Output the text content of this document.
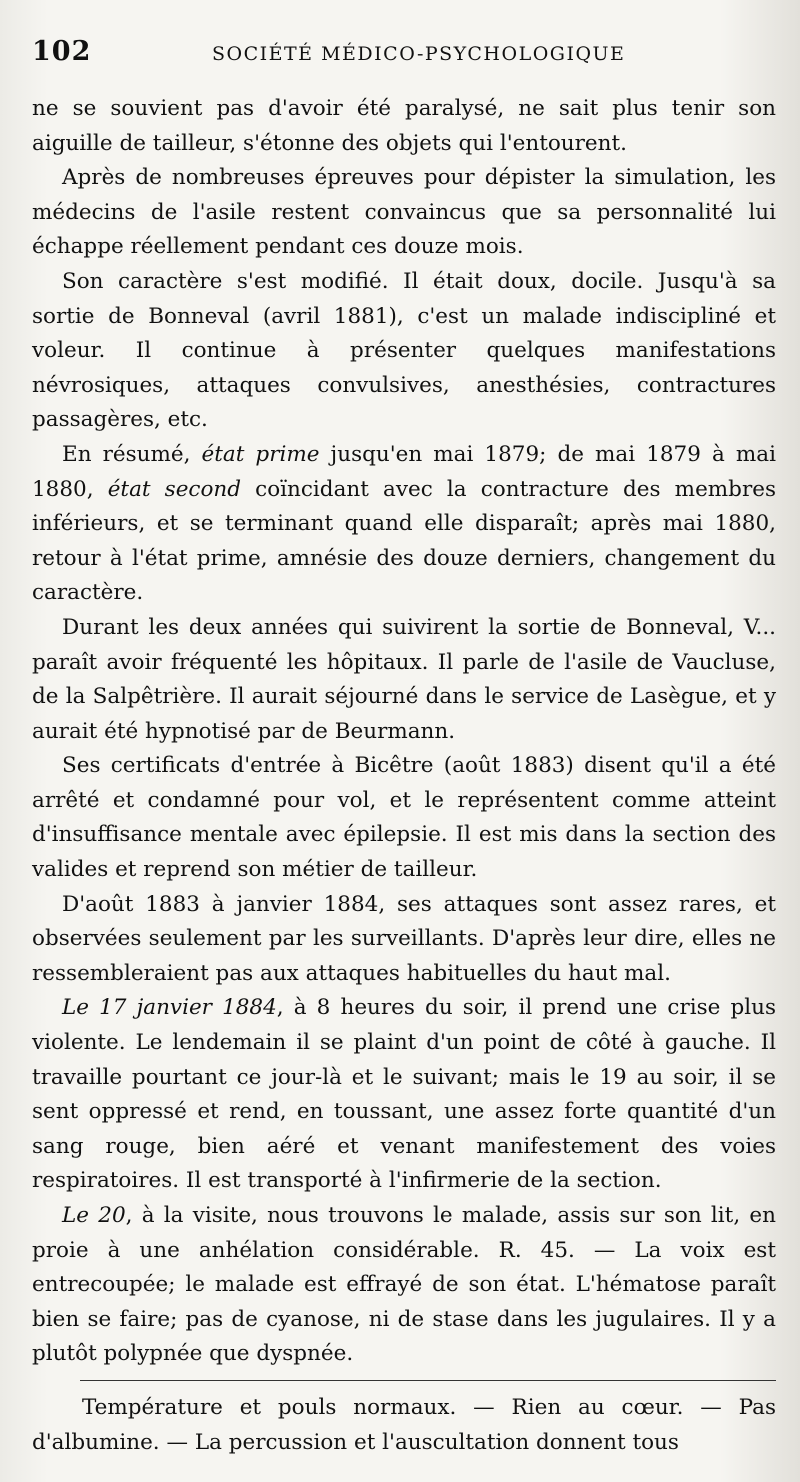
102	SOCIÉTÉ MÉDICO-PSYCHOLOGIQUE

ne se souvient pas d'avoir été paralysé, ne sait plus tenir son aiguille de tailleur, s'étonne des objets qui l'entourent.

Après de nombreuses épreuves pour dépister la simulation, les médecins de l'asile restent convaincus que sa personnalité lui échappe réellement pendant ces douze mois.

Son caractère s'est modifié. Il était doux, docile. Jusqu'à sa sortie de Bonneval (avril 1881), c'est un malade indiscipliné et voleur. Il continue à présenter quelques manifestations névrosiques, attaques convulsives, anesthésies, contractures passagères, etc.

En résumé, état prime jusqu'en mai 1879; de mai 1879 à mai 1880, état second coïncidant avec la contracture des membres inférieurs, et se terminant quand elle disparaît; après mai 1880, retour à l'état prime, amnésie des douze derniers, changement du caractère.

Durant les deux années qui suivirent la sortie de Bonneval, V... paraît avoir fréquenté les hôpitaux. Il parle de l'asile de Vaucluse, de la Salpêtrière. Il aurait séjourné dans le service de Lasègue, et y aurait été hypnotisé par de Beurmann.

Ses certificats d'entrée à Bicêtre (août 1883) disent qu'il a été arrêté et condamné pour vol, et le représentent comme atteint d'insuffisance mentale avec épilepsie. Il est mis dans la section des valides et reprend son métier de tailleur.

D'août 1883 à janvier 1884, ses attaques sont assez rares, et observées seulement par les surveillants. D'après leur dire, elles ne ressembleraient pas aux attaques habituelles du haut mal.

Le 17 janvier 1884, à 8 heures du soir, il prend une crise plus violente. Le lendemain il se plaint d'un point de côté à gauche. Il travaille pourtant ce jour-là et le suivant; mais le 19 au soir, il se sent oppressé et rend, en toussant, une assez forte quantité d'un sang rouge, bien aéré et venant manifestement des voies respiratoires. Il est transporté à l'infirmerie de la section.

Le 20, à la visite, nous trouvons le malade, assis sur son lit, en proie à une anhélation considérable. R. 45. — La voix est entrecoupée; le malade est effrayé de son état. L'hématose paraît bien se faire; pas de cyanose, ni de stase dans les jugulaires. Il y a plutôt polypnée que dyspnée.

Température et pouls normaux. — Rien au cœur. — Pas d'albumine. — La percussion et l'auscultation donnent tous
